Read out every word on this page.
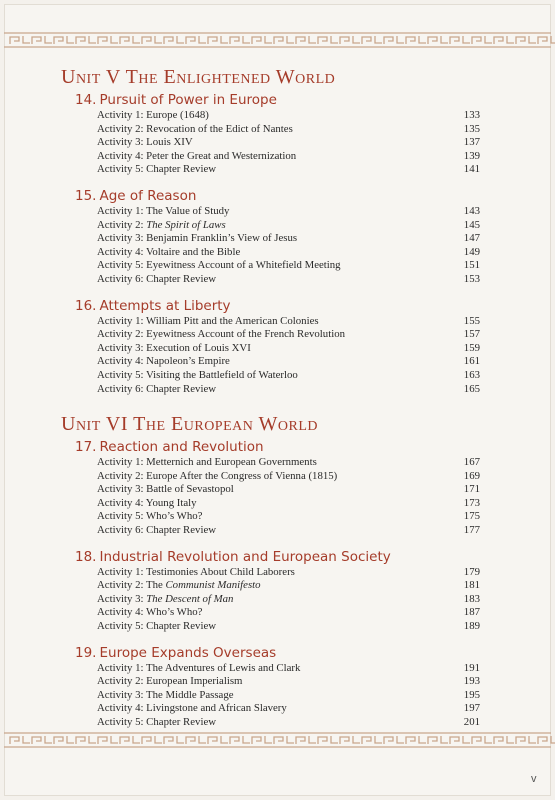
Unit V The Enlightened World
14. Pursuit of Power in Europe
Activity 1: Europe (1648)	133
Activity 2: Revocation of the Edict of Nantes	135
Activity 3: Louis XIV	137
Activity 4: Peter the Great and Westernization	139
Activity 5: Chapter Review	141
15. Age of Reason
Activity 1: The Value of Study	143
Activity 2: The Spirit of Laws	145
Activity 3: Benjamin Franklin’s View of Jesus	147
Activity 4: Voltaire and the Bible	149
Activity 5: Eyewitness Account of a Whitefield Meeting	151
Activity 6: Chapter Review	153
16. Attempts at Liberty
Activity 1: William Pitt and the American Colonies	155
Activity 2: Eyewitness Account of the French Revolution	157
Activity 3: Execution of Louis XVI	159
Activity 4: Napoleon’s Empire	161
Activity 5: Visiting the Battlefield of Waterloo	163
Activity 6: Chapter Review	165
Unit VI The European World
17. Reaction and Revolution
Activity 1: Metternich and European Governments	167
Activity 2: Europe After the Congress of Vienna (1815)	169
Activity 3: Battle of Sevastopol	171
Activity 4: Young Italy	173
Activity 5: Who’s Who?	175
Activity 6: Chapter Review	177
18. Industrial Revolution and European Society
Activity 1: Testimonies About Child Laborers	179
Activity 2: The Communist Manifesto	181
Activity 3: The Descent of Man	183
Activity 4: Who’s Who?	187
Activity 5: Chapter Review	189
19. Europe Expands Overseas
Activity 1: The Adventures of Lewis and Clark	191
Activity 2: European Imperialism	193
Activity 3: The Middle Passage	195
Activity 4: Livingstone and African Slavery	197
Activity 5: Chapter Review	201
v
